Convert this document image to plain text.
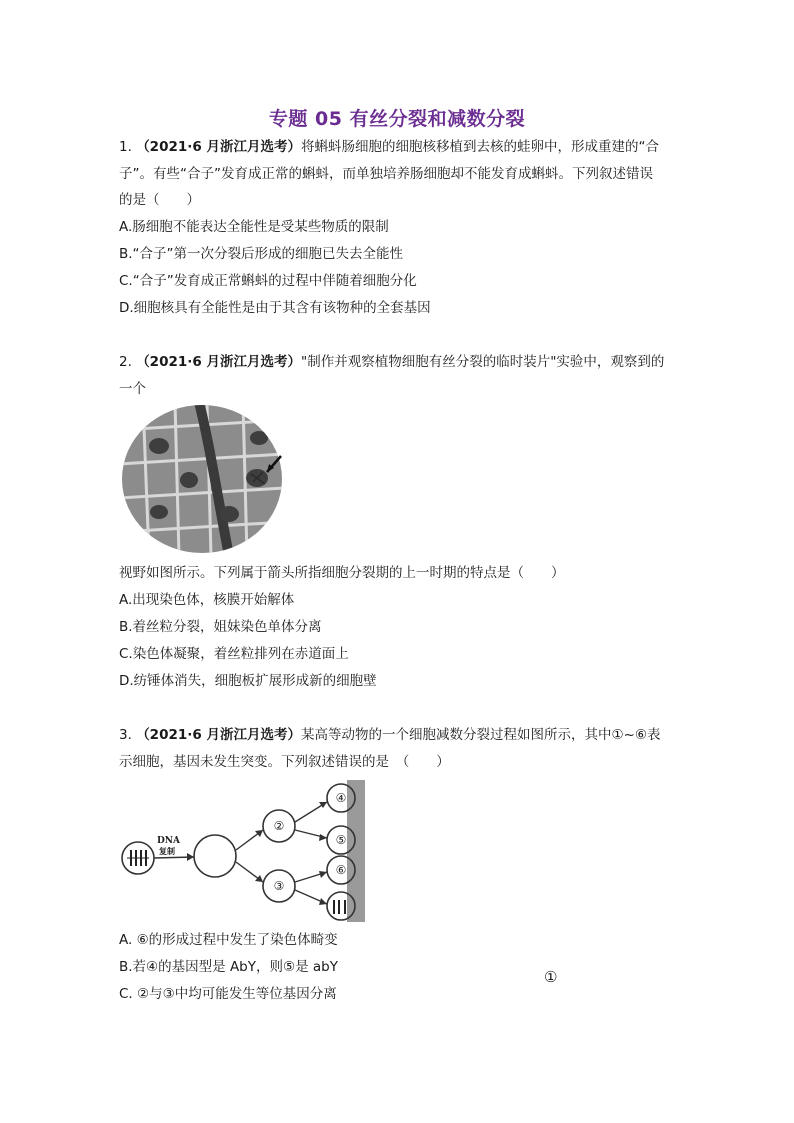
专题 05 有丝分裂和减数分裂
1. （2021·6 月浙江月选考）将蝌蚪肠细胞的细胞核移植到去核的蛙卵中，形成重建的“合
子”。有些“合子”发育成正常的蝌蚪，而单独培养肠细胞却不能发育成蝌蚪。下列叙述错误
的是（　　）
A.肠细胞不能表达全能性是受某些物质的限制
B.“合子”第一次分裂后形成的细胞已失去全能性
C.“合子”发育成正常蝌蚪的过程中伴随着细胞分化
D.细胞核具有全能性是由于其含有该物种的全套基因
2. （2021·6 月浙江月选考）"制作并观察植物细胞有丝分裂的临时装片"实验中，观察到的
一个
视野如图所示。下列属于箭头所指细胞分裂期的上一时期的特点是（　　）
A.出现染色体，核膜开始解体
B.着丝粒分裂，姐妹染色单体分离
C.染色体凝聚，着丝粒排列在赤道面上
D.纺锤体消失，细胞板扩展形成新的细胞壁
3. （2021·6 月浙江月选考）某高等动物的一个细胞减数分裂过程如图所示，其中①~⑥表
示细胞，基因未发生突变。下列叙述错误的是　（　　）
DNA
复制
②
③
④
⑤
⑥
A. ⑥的形成过程中发生了染色体畸变
B.若④的基因型是 AbY，则⑤是 abY
C. ②与③中均可能发生等位基因分离
①
